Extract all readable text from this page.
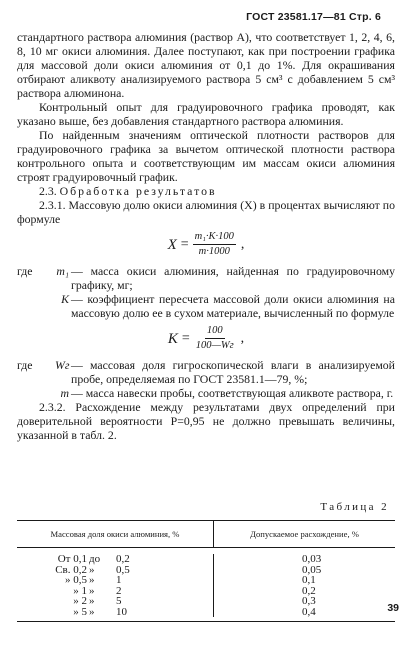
ГОСТ 23581.17—81 Стр. 6

стандартного раствора алюминия (раствор А), что соответствует 1, 2, 4, 6, 8, 10 мг окиси алюминия. Далее поступают, как при построении графика для массовой доли окиси алюминия от 0,1 до 1%. Для окрашивания отбирают аликвоту анализируемого раствора 5 см³ с добавлением 5 см³ раствора алюминона.

Контрольный опыт для градуировочного графика проводят, как указано выше, без добавления стандартного раствора алюминия.

По найденным значениям оптической плотности растворов для градуировочного графика за вычетом оптической плотности раствора контрольного опыта и соответствующим им массам окиси алюминия строят градуировочный график.

2.3. Обработка результатов

2.3.1. Массовую долю окиси алюминия (X) в процентах вычисляют по формуле

$X = \frac{\text{m₁·K·100}}{m\cdot 1000}$ ,
где	m₁ — масса окиси алюминия, найденная по градуировочному графику, мг;
K — коэффициент пересчета массовой доли окиси алюминия на массовую долю ее в сухом материале, вычисленный по формуле
$K = \frac{100}{100—Wг}$ ,
где	Wг — массовая доля гигроскопической влаги в анализируемой пробе, определяемая по ГОСТ 23581.1—79, %;
m — масса навески пробы, соответствующая аликвоте раствора, г.

2.3.2. Расхождение между результатами двух определений при доверительной вероятности P=0,95 не должно превышать величины, указанной в табл. 2.

Таблица 2
Массовая доля окиси алюминия, %	Допускаемое расхождение, %
От 0,1 до 0,2	0,03
Св. 0,2 » 0,5	0,05
» 0,5 » 1	0,1
» 1 » 2	0,2
» 2 » 5	0,3
» 5 » 10	0,4	39
